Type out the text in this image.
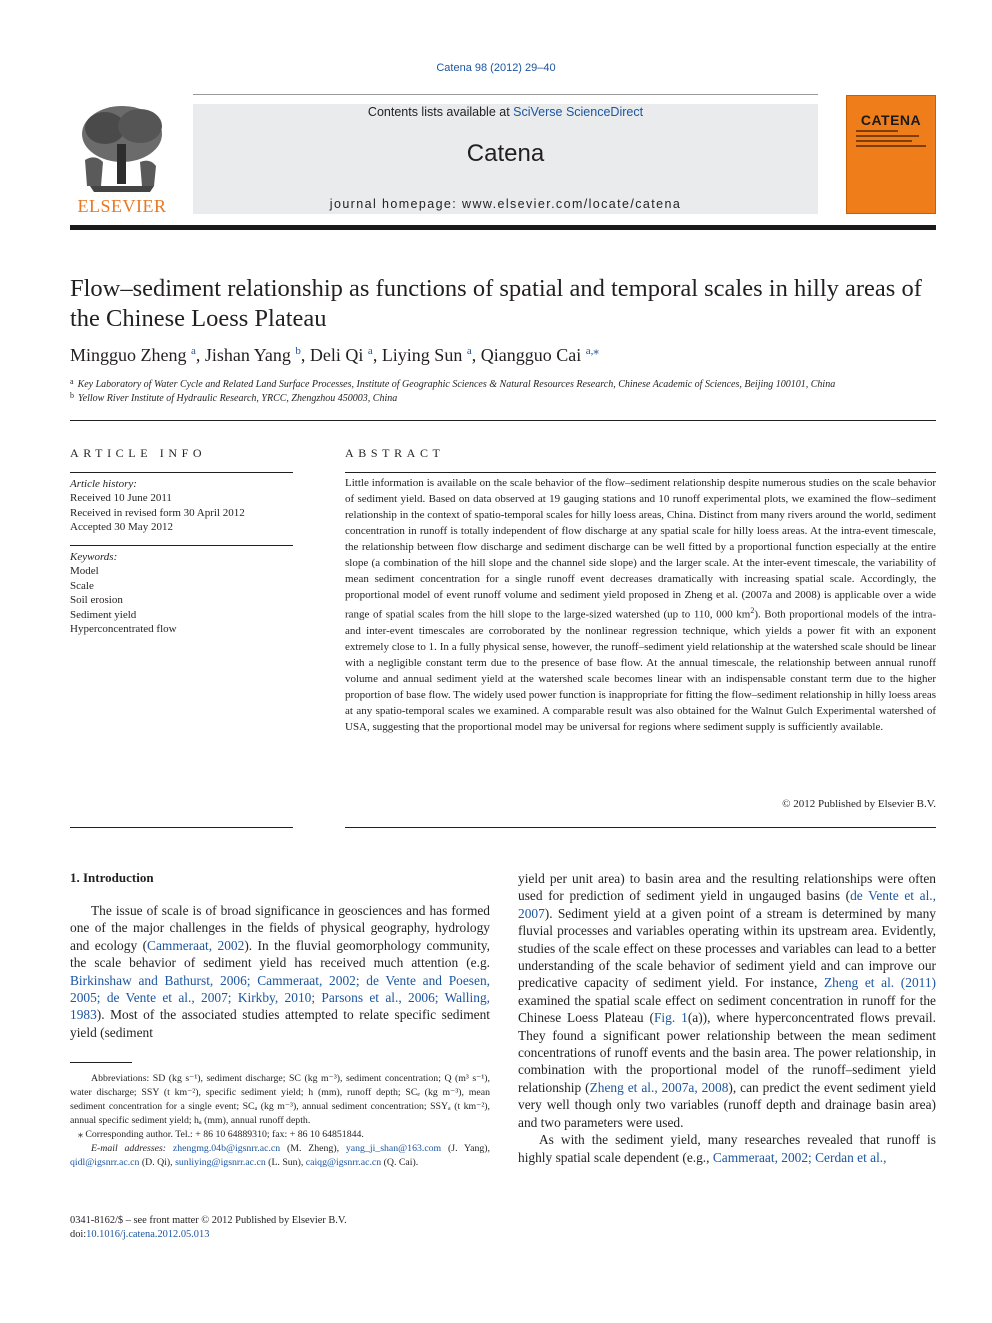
Catena 98 (2012) 29–40
ELSEVIER
Contents lists available at SciVerse ScienceDirect
Catena
journal homepage: www.elsevier.com/locate/catena
CATENA
Flow–sediment relationship as functions of spatial and temporal scales in hilly areas of the Chinese Loess Plateau
Mingguo Zheng $^a$, Jishan Yang $^b$, Deli Qi $^a$, Liying Sun $^a$, Qiangguo Cai $^{a,⁎}$
$^a$ Key Laboratory of Water Cycle and Related Land Surface Processes, Institute of Geographic Sciences & Natural Resources Research, Chinese Academic of Sciences, Beijing 100101, China
$^b$ Yellow River Institute of Hydraulic Research, YRCC, Zhengzhou 450003, China
ARTICLE INFO
Article history:
Received 10 June 2011
Received in revised form 30 April 2012
Accepted 30 May 2012
Keywords:
Model
Scale
Soil erosion
Sediment yield
Hyperconcentrated flow
ABSTRACT
Little information is available on the scale behavior of the flow–sediment relationship despite numerous studies on the scale behavior of sediment yield. Based on data observed at 19 gauging stations and 10 runoff experimental plots, we examined the flow–sediment relationship in the context of spatio-temporal scales for hilly loess areas, China. Distinct from many rivers around the world, sediment concentration in runoff is totally independent of flow discharge at any spatial scale for hilly loess areas. At the intra-event timescale, the relationship between flow discharge and sediment discharge can be well fitted by a proportional function especially at the entire slope (a combination of the hill slope and the channel side slope) and the larger scale. At the inter-event timescale, the variability of mean sediment concentration for a single runoff event decreases dramatically with increasing spatial scale. Accordingly, the proportional model of event runoff volume and sediment yield proposed in Zheng et al. (2007a and 2008) is applicable over a wide range of spatial scales from the hill slope to the large-sized watershed (up to 110, 000 $km^2$). Both proportional models of the intra- and inter-event timescales are corroborated by the nonlinear regression technique, which yields a power fit with an exponent extremely close to 1. In a fully physical sense, however, the runoff–sediment yield relationship at the watershed scale should be linear with a negligible constant term due to the presence of base flow. At the annual timescale, the relationship between annual runoff volume and annual sediment yield at the watershed scale becomes linear with an indispensable constant term due to the higher proportion of base flow. The widely used power function is inappropriate for fitting the flow–sediment relationship in hilly loess areas at any spatio-temporal scales we examined. A comparable result was also obtained for the Walnut Gulch Experimental watershed of USA, suggesting that the proportional model may be universal for regions where sediment supply is sufficiently available.
© 2012 Published by Elsevier B.V.
1. Introduction

The issue of scale is of broad significance in geosciences and has formed one of the major challenges in the fields of physical geography, hydrology and ecology (Cammeraat, 2002). In the fluvial geomorphology community, the scale behavior of sediment yield has received much attention (e.g. Birkinshaw and Bathurst, 2006; Cammeraat, 2002; de Vente and Poesen, 2005; de Vente et al., 2007; Kirkby, 2010; Parsons et al., 2006; Walling, 1983). Most of the associated studies attempted to relate specific sediment yield (sediment

Abbreviations: SD (kg s⁻¹), sediment discharge; SC (kg m⁻³), sediment concentration; Q (m³ s⁻¹), water discharge; SSY (t km⁻²), specific sediment yield; h (mm), runoff depth; SCₑ (kg m⁻³), mean sediment concentration for a single event; SCₐ (kg m⁻³), annual sediment concentration; SSYₐ (t km⁻²), annual specific sediment yield; hₐ (mm), annual runoff depth.

⁎ Corresponding author. Tel.: + 86 10 64889310; fax: + 86 10 64851844.

E-mail addresses: zhengmg.04b@igsnrr.ac.cn (M. Zheng), yang_ji_shan@163.com (J. Yang), qidl@igsnrr.ac.cn (D. Qi), sunliying@igsnrr.ac.cn (L. Sun), caiqg@igsnrr.ac.cn (Q. Cai).

0341-8162/$ – see front matter © 2012 Published by Elsevier B.V.
doi:10.1016/j.catena.2012.05.013

yield per unit area) to basin area and the resulting relationships were often used for prediction of sediment yield in ungauged basins (de Vente et al., 2007). Sediment yield at a given point of a stream is determined by many fluvial processes and variables operating within its upstream area. Evidently, studies of the scale effect on these processes and variables can lead to a better understanding of the scale behavior of sediment yield and can improve our predicative capacity of sediment yield. For instance, Zheng et al. (2011) examined the spatial scale effect on sediment concentration in runoff for the Chinese Loess Plateau (Fig. 1(a)), where hyperconcentrated flows prevail. They found a significant power relationship between the mean sediment concentrations of runoff events and the basin area. The power relationship, in combination with the proportional model of the runoff–sediment yield relationship (Zheng et al., 2007a, 2008), can predict the event sediment yield very well though only two variables (runoff depth and drainage basin area) and two parameters were used.

As with the sediment yield, many researches revealed that runoff is highly spatial scale dependent (e.g., Cammeraat, 2002; Cerdan et al.,
